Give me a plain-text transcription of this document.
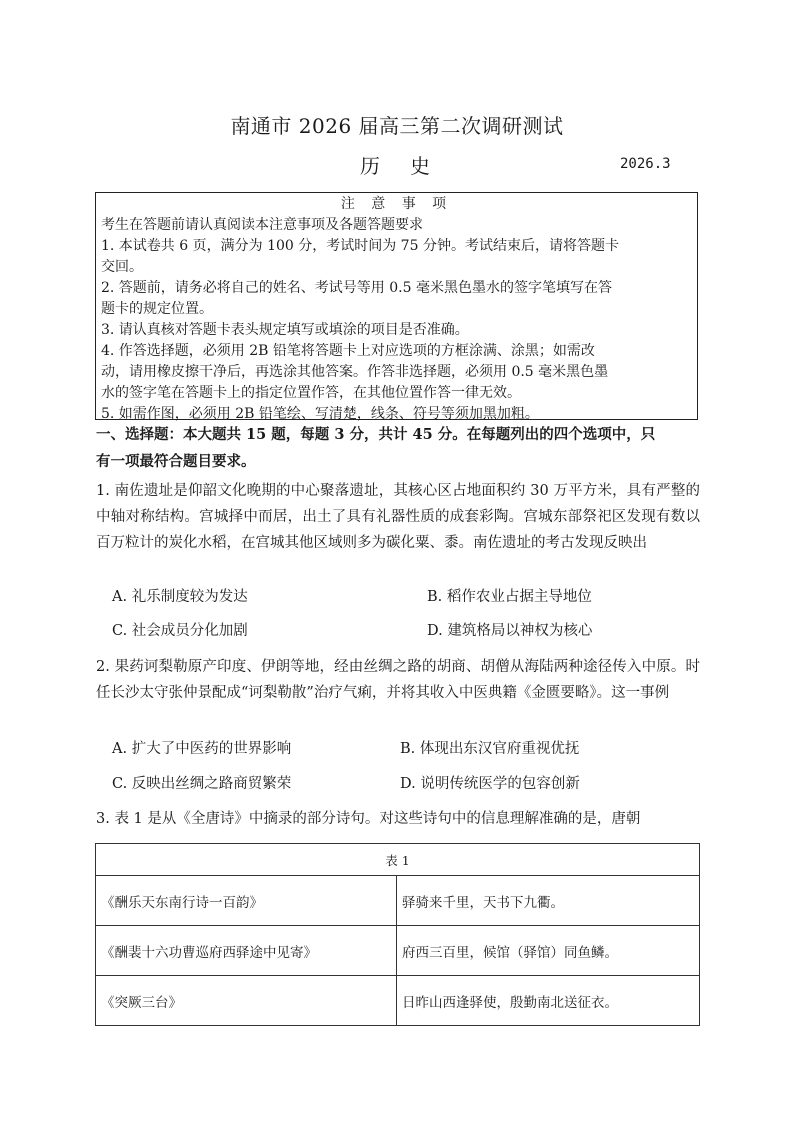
南通市 2026 届高三第二次调研测试
历史	2026.3
注 意 事 项
考生在答题前请认真阅读本注意事项及各题答题要求
1. 本试卷共 6 页，满分为 100 分，考试时间为 75 分钟。考试结束后，请将答题卡
交回。
2. 答题前，请务必将自己的姓名、考试号等用 0.5 毫米黑色墨水的签字笔填写在答
题卡的规定位置。
3. 请认真核对答题卡表头规定填写或填涂的项目是否准确。
4. 作答选择题，必须用 2B 铅笔将答题卡上对应选项的方框涂满、涂黑；如需改
动，请用橡皮擦干净后，再选涂其他答案。作答非选择题，必须用 0.5 毫米黑色墨
水的签字笔在答题卡上的指定位置作答，在其他位置作答一律无效。
5. 如需作图，必须用 2B 铅笔绘、写清楚，线条、符号等须加黑加粗。
一、选择题：本大题共 15 题，每题 3 分，共计 45 分。在每题列出的四个选项中，只
有一项最符合题目要求。
1. 南佐遗址是仰韶文化晚期的中心聚落遗址，其核心区占地面积约 30 万平方米，具有严整的中轴对称结构。宫城择中而居，出土了具有礼器性质的成套彩陶。宫城东部祭祀区发现有数以百万粒计的炭化水稻，在宫城其他区域则多为碳化粟、黍。南佐遗址的考古发现反映出
A. 礼乐制度较为发达	B. 稻作农业占据主导地位
C. 社会成员分化加剧	D. 建筑格局以神权为核心
2. 果药诃梨勒原产印度、伊朗等地，经由丝绸之路的胡商、胡僧从海陆两种途径传入中原。时任长沙太守张仲景配成“诃梨勒散”治疗气痢，并将其收入中医典籍《金匮要略》。这一事例
A. 扩大了中医药的世界影响	B. 体现出东汉官府重视优抚
C. 反映出丝绸之路商贸繁荣	D. 说明传统医学的包容创新
3. 表 1 是从《全唐诗》中摘录的部分诗句。对这些诗句中的信息理解准确的是，唐朝
表 1	
《酬乐天东南行诗一百韵》	驿骑来千里，天书下九衢。
《酬裴十六功曹巡府西驿途中见寄》	府西三百里，候馆（驿馆）同鱼鳞。
《突厥三台》	日昨山西逢驿使，殷勤南北送征衣。
